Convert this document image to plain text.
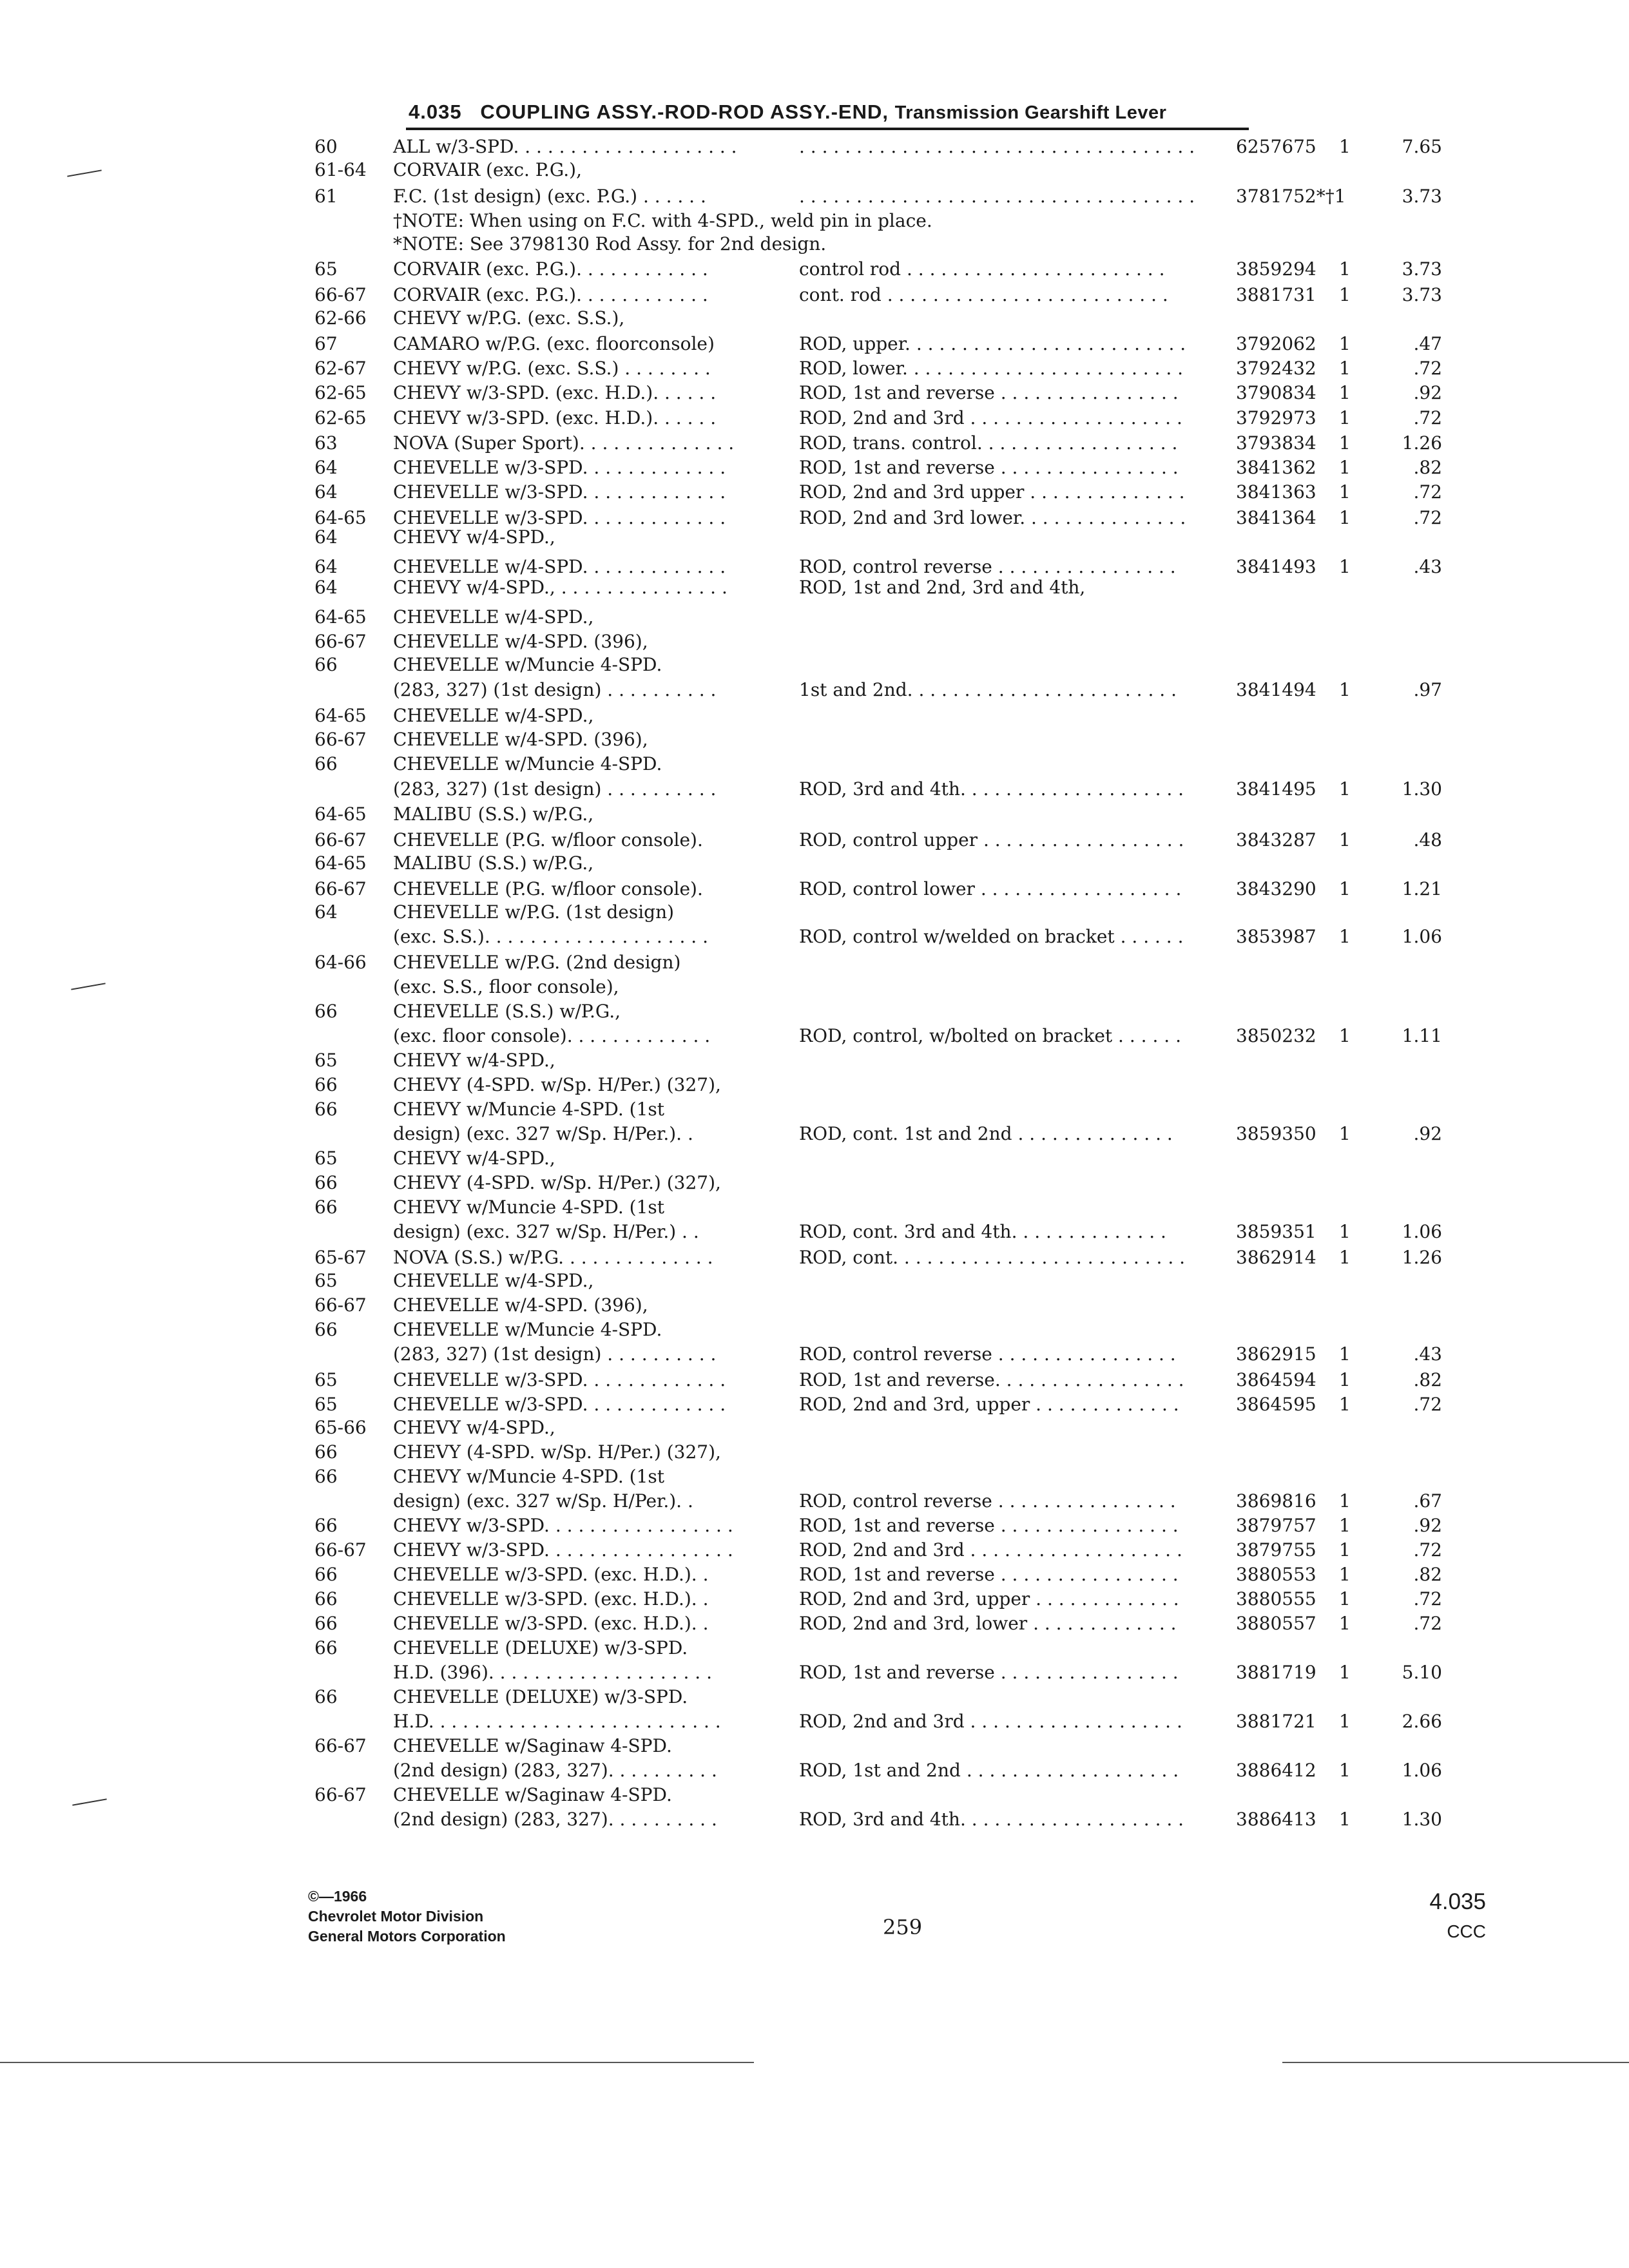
4.035 COUPLING ASSY.-ROD-ROD ASSY.-END, Transmission Gearshift Lever
60	ALL w/3-SPD. . . . . . . . . . . . . . . . . . . .	. . . . . . . . . . . . . . . . . . . . . . . . . . . . . . . . . . . 6257675 1	7.65
61-64 CORVAIR (exc. P.G.),
61	F.C. (1st design) (exc. P.G.) . . . . . .	. . . . . . . . . . . . . . . . . . . . . . . . . . . . . . . . . . . 3781752*†1	3.73
†NOTE: When using on F.C. with 4-SPD., weld pin in place.
*NOTE: See 3798130 Rod Assy. for 2nd design.
65	CORVAIR (exc. P.G.). . . . . . . . . . . .	control rod . . . . . . . . . . . . . . . . . . . . . . .	3859294 1	3.73
66-67 CORVAIR (exc. P.G.). . . . . . . . . . . .	cont. rod . . . . . . . . . . . . . . . . . . . . . . . . .	3881731 1	3.73
62-66 CHEVY w/P.G. (exc. S.S.),
67	CAMARO w/P.G. (exc. floorconsole)	ROD, upper. . . . . . . . . . . . . . . . . . . . . . . . .	3792062 1	.47
62-67 CHEVY w/P.G. (exc. S.S.) . . . . . . . .	ROD, lower. . . . . . . . . . . . . . . . . . . . . . . . .	3792432 1	.72
62-65 CHEVY w/3-SPD. (exc. H.D.). . . . . .	ROD, 1st and reverse . . . . . . . . . . . . . . . .	3790834 1	.92
62-65 CHEVY w/3-SPD. (exc. H.D.). . . . . .	ROD, 2nd and 3rd . . . . . . . . . . . . . . . . . . .	3792973 1	.72
63	NOVA (Super Sport). . . . . . . . . . . . . .	ROD, trans. control. . . . . . . . . . . . . . . . . .	3793834 1	1.26
64	CHEVELLE w/3-SPD. . . . . . . . . . . . .	ROD, 1st and reverse . . . . . . . . . . . . . . . .	3841362 1	.82
64	CHEVELLE w/3-SPD. . . . . . . . . . . . .	ROD, 2nd and 3rd upper . . . . . . . . . . . . . .	3841363 1	.72
64-65 CHEVELLE w/3-SPD. . . . . . . . . . . . .	ROD, 2nd and 3rd lower. . . . . . . . . . . . . . .	3841364 1	.72
64	CHEVY w/4-SPD.,
64	CHEVELLE w/4-SPD. . . . . . . . . . . . .	ROD, control reverse . . . . . . . . . . . . . . . .	3841493 1	.43
64	CHEVY w/4-SPD., . . . . . . . . . . . . . . .	ROD, 1st and 2nd, 3rd and 4th,
64-65 CHEVELLE w/4-SPD.,
66-67 CHEVELLE w/4-SPD. (396),
66	CHEVELLE w/Muncie 4-SPD.
(283, 327) (1st design) . . . . . . . . . .	1st and 2nd. . . . . . . . . . . . . . . . . . . . . . . .	3841494 1	.97
64-65 CHEVELLE w/4-SPD.,
66-67 CHEVELLE w/4-SPD. (396),
66	CHEVELLE w/Muncie 4-SPD.
(283, 327) (1st design) . . . . . . . . . .	ROD, 3rd and 4th. . . . . . . . . . . . . . . . . . . .	3841495 1	1.30
64-65 MALIBU (S.S.) w/P.G.,
66-67 CHEVELLE (P.G. w/floor console).	ROD, control upper . . . . . . . . . . . . . . . . . .	3843287 1	.48
64-65 MALIBU (S.S.) w/P.G.,
66-67 CHEVELLE (P.G. w/floor console).	ROD, control lower . . . . . . . . . . . . . . . . . .	3843290 1	1.21
64	CHEVELLE w/P.G. (1st design)
(exc. S.S.). . . . . . . . . . . . . . . . . . . .	ROD, control w/welded on bracket . . . . . .	3853987 1	1.06
64-66 CHEVELLE w/P.G. (2nd design)
(exc. S.S., floor console),
66	CHEVELLE (S.S.) w/P.G.,
(exc. floor console). . . . . . . . . . . . .	ROD, control, w/bolted on bracket . . . . . .	3850232 1	1.11
65	CHEVY w/4-SPD.,
66	CHEVY (4-SPD. w/Sp. H/Per.) (327),
66	CHEVY w/Muncie 4-SPD. (1st
design) (exc. 327 w/Sp. H/Per.). .	ROD, cont. 1st and 2nd . . . . . . . . . . . . . .	3859350 1	.92
65	CHEVY w/4-SPD.,
66	CHEVY (4-SPD. w/Sp. H/Per.) (327),
66	CHEVY w/Muncie 4-SPD. (1st
design) (exc. 327 w/Sp. H/Per.) . .	ROD, cont. 3rd and 4th. . . . . . . . . . . . . .	3859351 1	1.06
65-67 NOVA (S.S.) w/P.G. . . . . . . . . . . . . .	ROD, cont. . . . . . . . . . . . . . . . . . . . . . . . . .	3862914 1	1.26
65	CHEVELLE w/4-SPD.,
66-67 CHEVELLE w/4-SPD. (396),
66	CHEVELLE w/Muncie 4-SPD.
(283, 327) (1st design) . . . . . . . . . .	ROD, control reverse . . . . . . . . . . . . . . . .	3862915 1	.43
65	CHEVELLE w/3-SPD. . . . . . . . . . . . .	ROD, 1st and reverse. . . . . . . . . . . . . . . . .	3864594 1	.82
65	CHEVELLE w/3-SPD. . . . . . . . . . . . .	ROD, 2nd and 3rd, upper . . . . . . . . . . . . .	3864595 1	.72
65-66 CHEVY w/4-SPD.,
66	CHEVY (4-SPD. w/Sp. H/Per.) (327),
66	CHEVY w/Muncie 4-SPD. (1st
design) (exc. 327 w/Sp. H/Per.). .	ROD, control reverse . . . . . . . . . . . . . . . .	3869816 1	.67
66	CHEVY w/3-SPD. . . . . . . . . . . . . . . . .	ROD, 1st and reverse . . . . . . . . . . . . . . . .	3879757 1	.92
66-67 CHEVY w/3-SPD. . . . . . . . . . . . . . . . .	ROD, 2nd and 3rd . . . . . . . . . . . . . . . . . . .	3879755 1	.72
66	CHEVELLE w/3-SPD. (exc. H.D.). .	ROD, 1st and reverse . . . . . . . . . . . . . . . .	3880553 1	.82
66	CHEVELLE w/3-SPD. (exc. H.D.). .	ROD, 2nd and 3rd, upper . . . . . . . . . . . . .	3880555 1	.72
66	CHEVELLE w/3-SPD. (exc. H.D.). .	ROD, 2nd and 3rd, lower . . . . . . . . . . . . .	3880557 1	.72
66	CHEVELLE (DELUXE) w/3-SPD.
H.D. (396). . . . . . . . . . . . . . . . . . . .	ROD, 1st and reverse . . . . . . . . . . . . . . . .	3881719 1	5.10
66	CHEVELLE (DELUXE) w/3-SPD.
H.D. . . . . . . . . . . . . . . . . . . . . . . . . .	ROD, 2nd and 3rd . . . . . . . . . . . . . . . . . . .	3881721 1	2.66
66-67 CHEVELLE w/Saginaw 4-SPD.
(2nd design) (283, 327). . . . . . . . . .	ROD, 1st and 2nd . . . . . . . . . . . . . . . . . . .	3886412 1	1.06
66-67 CHEVELLE w/Saginaw 4-SPD.
(2nd design) (283, 327). . . . . . . . . .	ROD, 3rd and 4th. . . . . . . . . . . . . . . . . . . .	3886413 1	1.30
©—1966
Chevrolet Motor Division
General Motors Corporation	259
4.035
CCC
